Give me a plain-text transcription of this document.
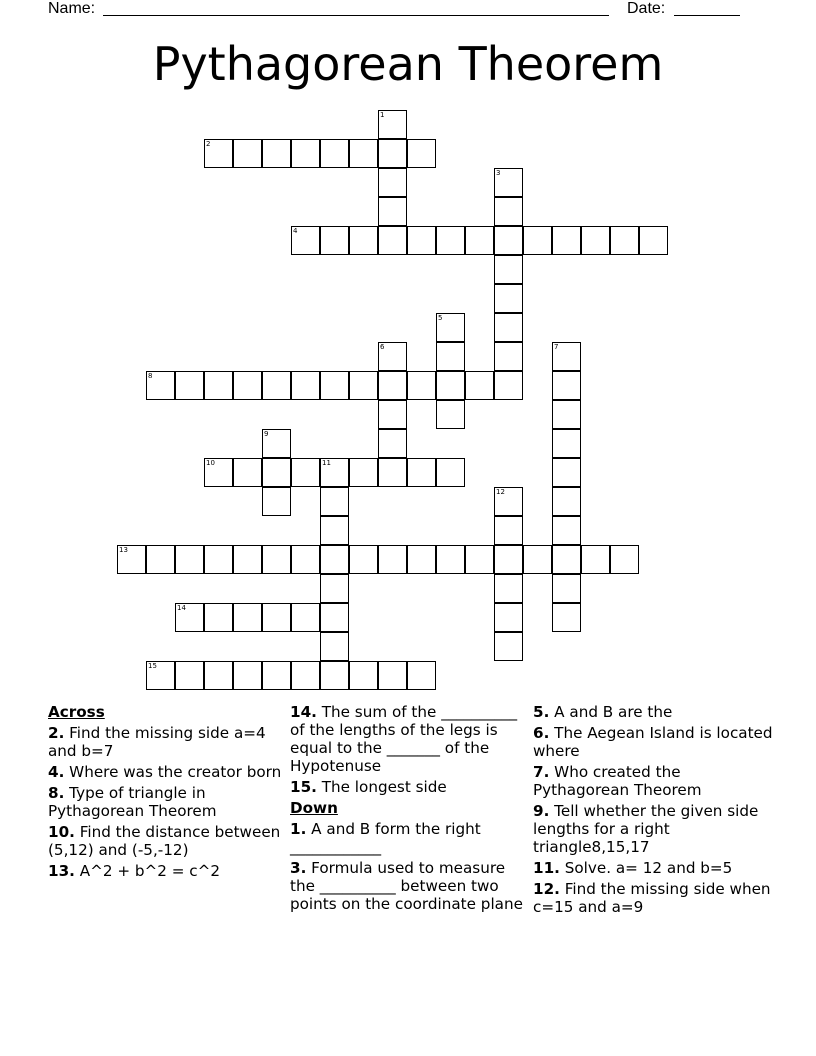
Name:	Date:
Pythagorean Theorem
1
2
3
4
5
6	7
8
9
10	11
12
13
14
15
Across
2. Find the missing side a=4 and b=7
4. Where was the creator born
8. Type of triangle in Pythagorean Theorem
10. Find the distance between (5,12) and (-5,-12)
13. A^2 + b^2 = c^2
14. The sum of the __________ of the lengths of the legs is equal to the _______ of the Hypotenuse
15. The longest side
Down
1. A and B form the right ____________
3. Formula used to measure the __________ between two points on the coordinate plane
5. A and B are the
6. The Aegean Island is located where
7. Who created the Pythagorean Theorem
9. Tell whether the given side lengths for a right triangle8,15,17
11. Solve. a= 12 and b=5
12. Find the missing side when c=15 and a=9
